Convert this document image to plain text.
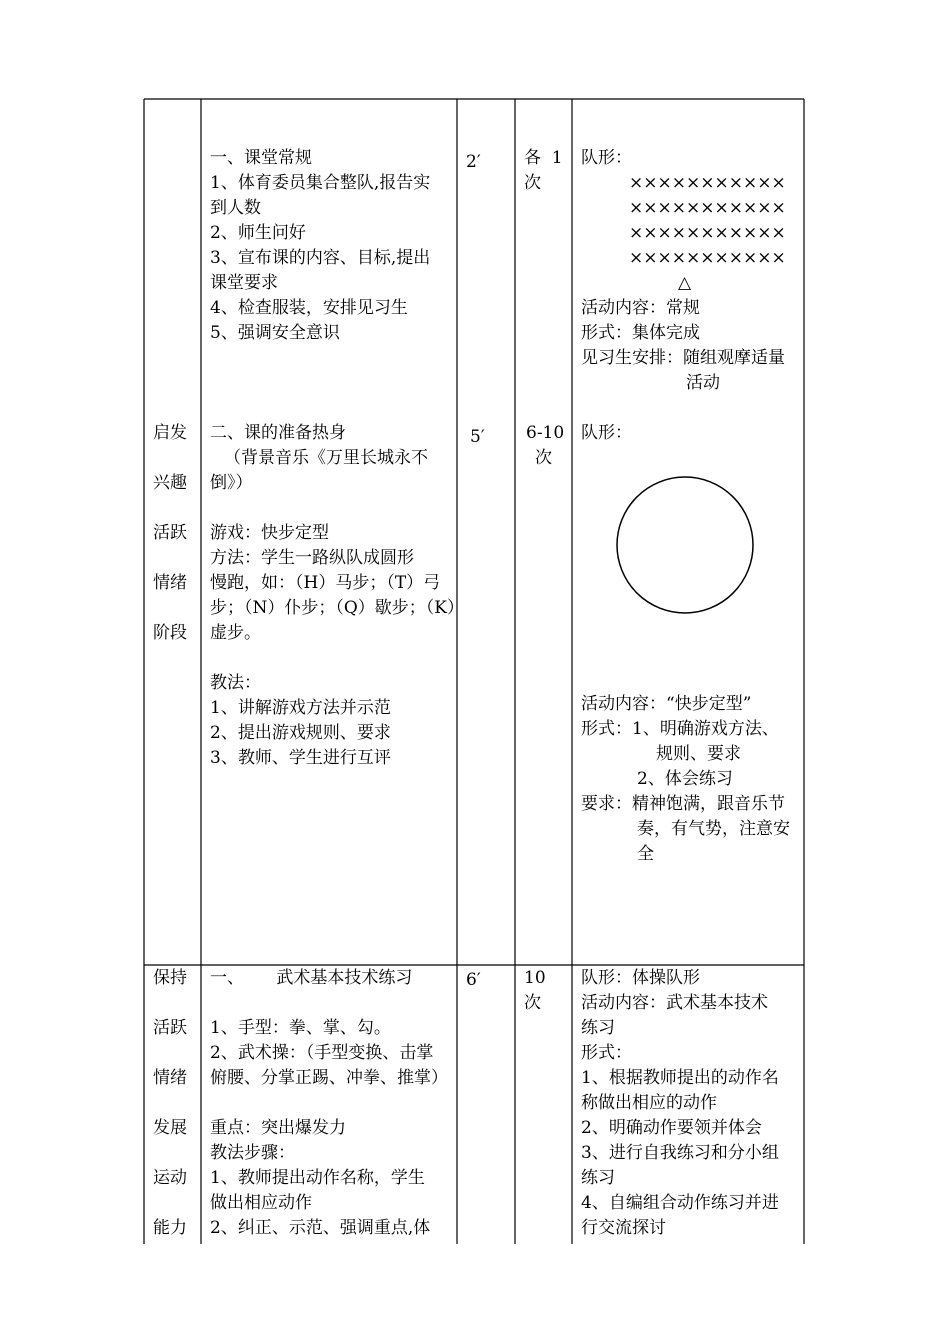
启发
兴趣
活跃
情绪
阶段
一、课堂常规
1、体育委员集合整队,报告实
到人数
2、师生问好
3、宣布课的内容、目标,提出
课堂要求
4、检查服装，安排见习生
5、强调安全意识
2′	各  1
次
队形：
×××××××××××
×××××××××××
×××××××××××
×××××××××××
△
活动内容：常规
形式：集体完成
见习生安排：随组观摩适量
活动
二、课的准备热身
（背景音乐《万里长城永不
倒》）
游戏：快步定型
方法：学生一路纵队成圆形
慢跑，如：（H）马步；（T）弓
步；（N）仆步；（Q）歇步；（K）
虚步。
教法：
1、讲解游戏方法并示范
2、提出游戏规则、要求
3、教师、学生进行互评
5′ 6-10
次
队形：
活动内容：“快步定型”
形式：1、明确游戏方法、
规则、要求
2、体会练习
要求：精神饱满，跟音乐节
奏，有气势，注意安
全
保持
活跃
情绪
发展
运动
能力
一、      武术基本技术练习
1、手型：拳、掌、勾。
2、武术操：（手型变换、击掌
俯腰、分掌正踢、冲拳、推掌）
重点：突出爆发力
教法步骤：
1、教师提出动作名称，学生
做出相应动作
2、纠正、示范、强调重点,体
6′	10
次
队形：体操队形
活动内容：武术基本技术
练习
形式：
1、根据教师提出的动作名
称做出相应的动作
2、明确动作要领并体会
3、进行自我练习和分小组
练习
4、自编组合动作练习并进
行交流探讨
